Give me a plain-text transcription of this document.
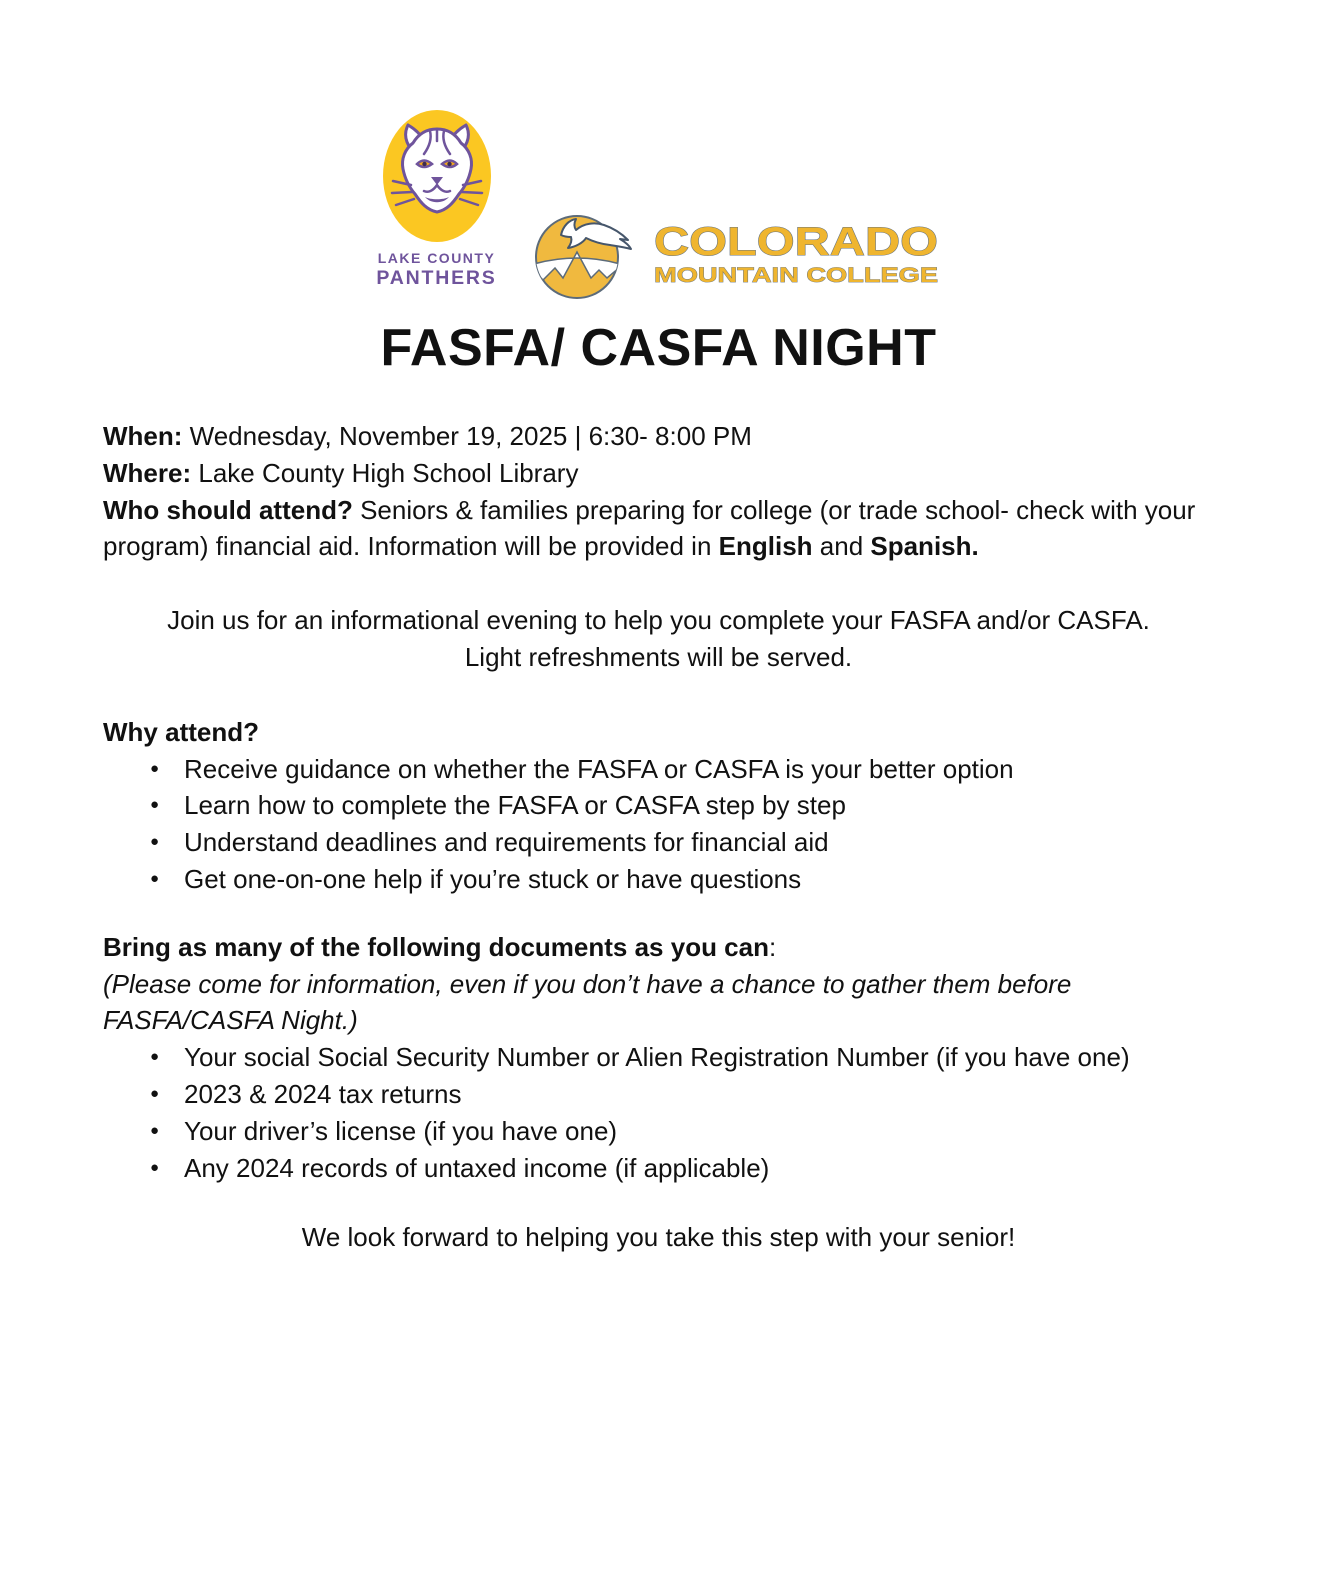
LAKE COUNTY
PANTHERS
COLORADO
MOUNTAIN COLLEGE
FASFA/ CASFA NIGHT

When: Wednesday, November 19, 2025 | 6:30- 8:00 PM

Where: Lake County High School Library

Who should attend? Seniors & families preparing for college (or trade school- check with your program) financial aid. Information will be provided in English and Spanish.

Join us for an informational evening to help you complete your FASFA and/or CASFA.

Light refreshments will be served.

Why attend?

● Receive guidance on whether the FASFA or CASFA is your better option
● Learn how to complete the FASFA or CASFA step by step
● Understand deadlines and requirements for financial aid
● Get one-on-one help if you’re stuck or have questions

Bring as many of the following documents as you can:

(Please come for information, even if you don’t have a chance to gather them before FASFA/CASFA Night.)

● Your social Social Security Number or Alien Registration Number (if you have one)
● 2023 & 2024 tax returns
● Your driver’s license (if you have one)
● Any 2024 records of untaxed income (if applicable)

We look forward to helping you take this step with your senior!
